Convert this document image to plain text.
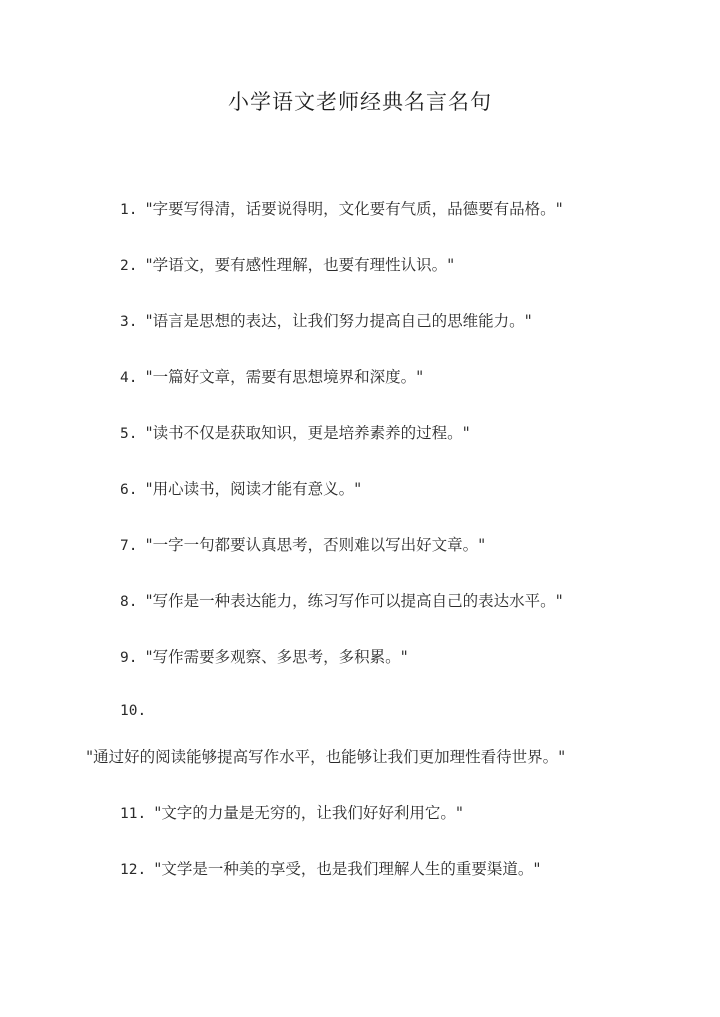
小学语文老师经典名言名句

1. "字要写得清，话要说得明，文化要有气质，品德要有品格。"

2. "学语文，要有感性理解，也要有理性认识。"

3. "语言是思想的表达，让我们努力提高自己的思维能力。"

4. "一篇好文章，需要有思想境界和深度。"

5. "读书不仅是获取知识，更是培养素养的过程。"

6. "用心读书，阅读才能有意义。"

7. "一字一句都要认真思考，否则难以写出好文章。"

8. "写作是一种表达能力，练习写作可以提高自己的表达水平。"

9. "写作需要多观察、多思考，多积累。"

10.

"通过好的阅读能够提高写作水平，也能够让我们更加理性看待世界。"

11. "文字的力量是无穷的，让我们好好利用它。"

12. "文学是一种美的享受，也是我们理解人生的重要渠道。"
